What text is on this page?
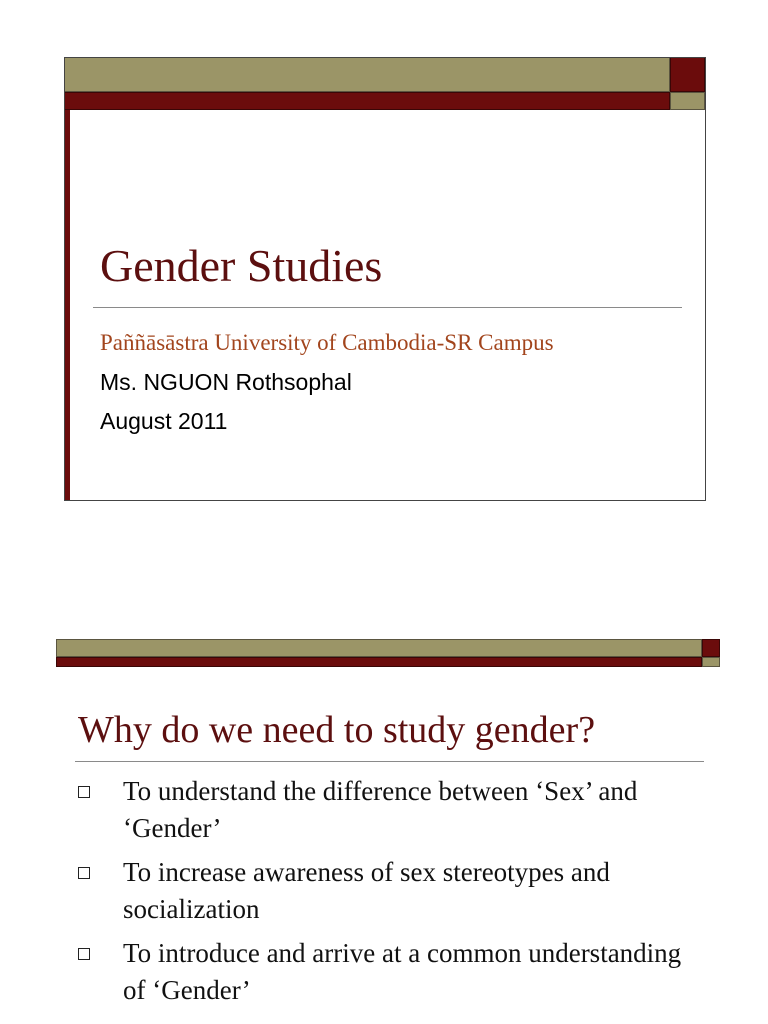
Gender Studies
Paññāsāstra University of Cambodia-SR Campus
Ms. NGUON Rothsophal
August 2011
Why do we need to study gender?
To understand the difference between ‘Sex’ and ‘Gender’
To increase awareness of sex stereotypes and socialization
To introduce and arrive at a common understanding of ‘Gender’
